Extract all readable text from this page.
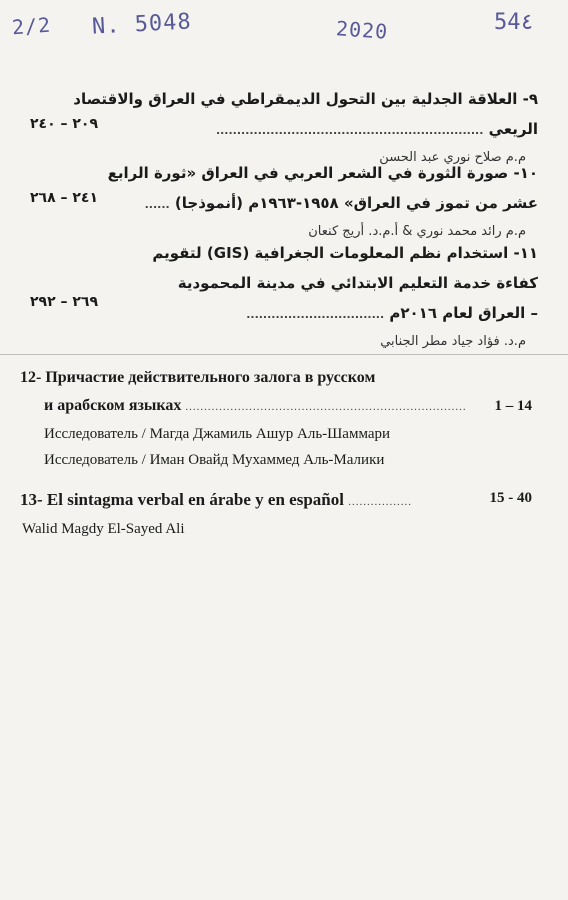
2/2 N. 5048	2020	54٤
٩- العلاقة الجدلية بين التحول الديمقراطي في العراق والاقتصاد
الريعي ................................................................
م.م صلاح نوري عبد الحسن
٢٠٩ – ٢٤٠
١٠- صورة الثورة في الشعر العربي في العراق «ثورة الرابع
عشر من تموز في العراق» ١٩٥٨-١٩٦٣م (أنموذجا) ......
م.م رائد محمد نوري & أ.م.د. أريج كنعان
٢٤١ – ٢٦٨
١١- استخدام نظم المعلومات الجغرافية (GIS) لتقويم
كفاءة خدمة التعليم الابتدائي في مدينة المحمودية
– العراق لعام ٢٠١٦م .................................
م.د. فؤاد جياد مطر الجنابي
٢٦٩ – ٢٩٢
12- Причастие действительного залога в русском
и арабском языках ...........................................................................
Исследователь / Магда Джамиль Ашур Аль-Шаммари
Исследователь / Иман Овайд Мухаммед Аль-Малики
1 – 14
13- El sintagma verbal en árabe y en español .................
Walid Magdy El-Sayed Ali
15 - 40
